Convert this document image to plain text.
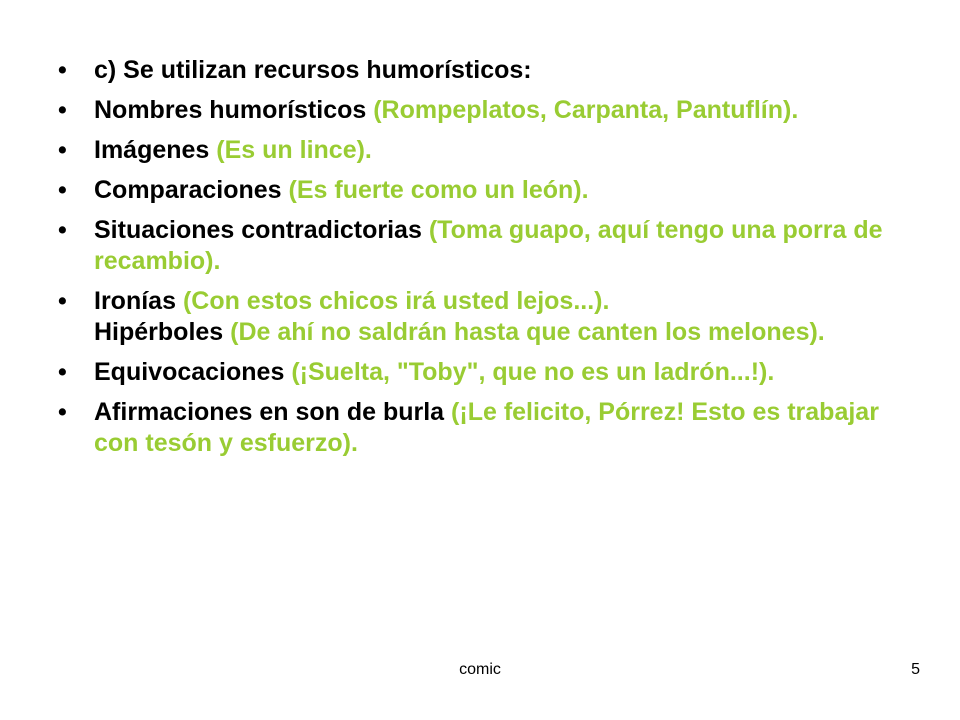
• c) Se utilizan recursos humorísticos:
• Nombres humorísticos (Rompeplatos, Carpanta, Pantuflín).
• Imágenes (Es un lince).
• Comparaciones (Es fuerte como un león).
• Situaciones contradictorias (Toma guapo, aquí tengo una porra de recambio).
• Ironías (Con estos chicos irá usted lejos...).
Hipérboles (De ahí no saldrán hasta que canten los melones).
• Equivocaciones (¡Suelta, "Toby", que no es un ladrón...!).
• Afirmaciones en son de burla (¡Le felicito, Pórrez! Esto es trabajar con tesón y esfuerzo).
comic	5
